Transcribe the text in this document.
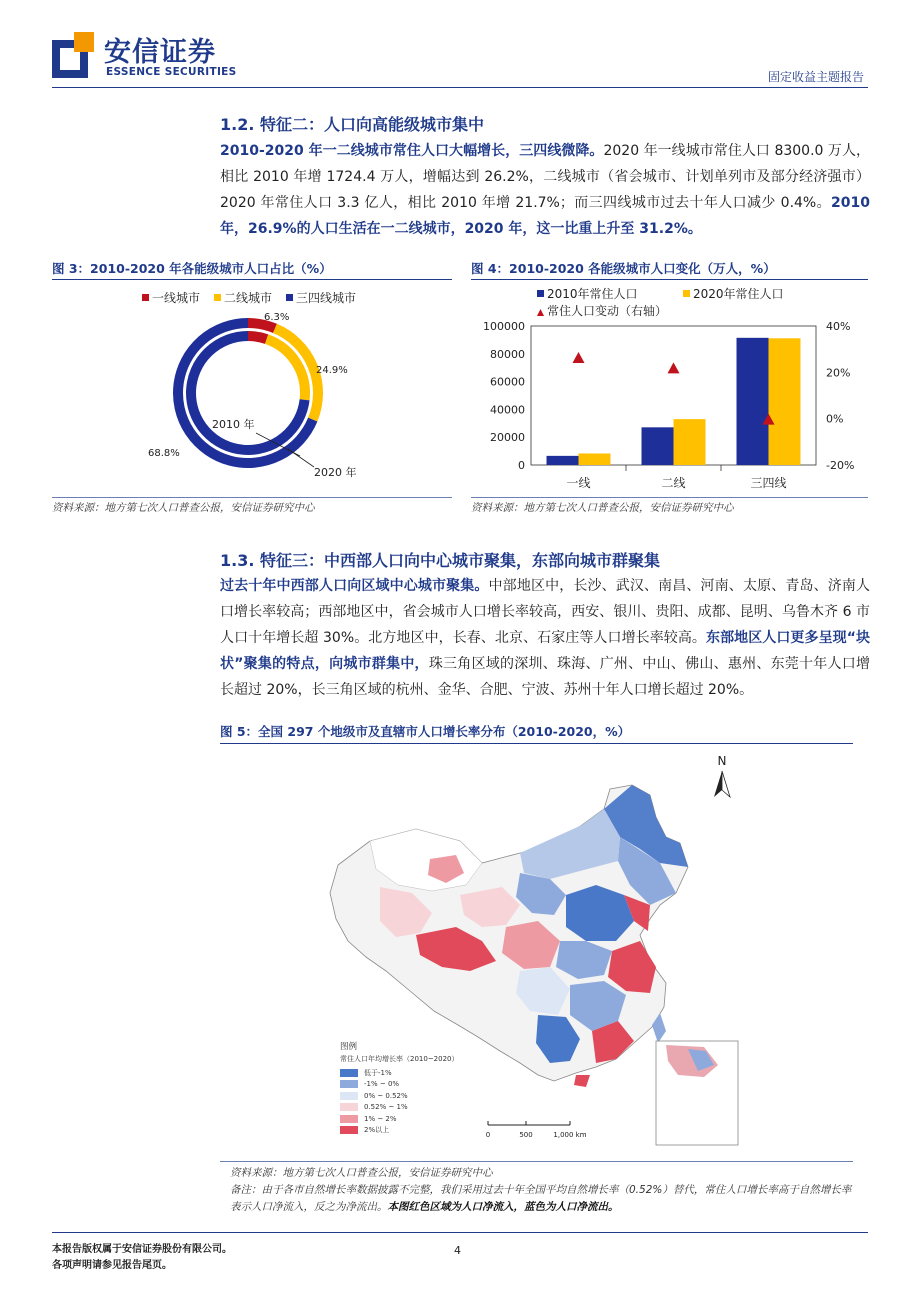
安信证券
ESSENCE SECURITIES	固定收益主题报告
1.2. 特征二：人口向高能级城市集中
2010-2020 年一二线城市常住人口大幅增长，三四线微降。2020 年一线城市常住人口 8300.0 万人，相比 2010 年增 1724.4 万人，增幅达到 26.2%，二线城市（省会城市、计划单列市及部分经济强市）2020 年常住人口 3.3 亿人，相比 2010 年增 21.7%；而三四线城市过去十年人口减少 0.4%。2010 年，26.9%的人口生活在一二线城市，2020 年，这一比重上升至 31.2%。
图 3：2010-2020 年各能级城市人口占比（%）
一线城市 二线城市 三四线城市
6.3%
24.9%
68.8%
2010 年
2020 年
资料来源：地方第七次人口普查公报，安信证券研究中心
图 4：2010-2020 各能级城市人口变化（万人，%）
2010年常住人口	2020年常住人口
常住人口变动（右轴）
0
20000
40000
60000
80000
100000
-20%
0%
20%
40%
一线	二线	三四线
资料来源：地方第七次人口普查公报，安信证券研究中心
1.3. 特征三：中西部人口向中心城市聚集，东部向城市群聚集
过去十年中西部人口向区域中心城市聚集。中部地区中，长沙、武汉、南昌、河南、太原、青岛、济南人口增长率较高；西部地区中，省会城市人口增长率较高，西安、银川、贵阳、成都、昆明、乌鲁木齐 6 市人口十年增长超 30%。北方地区中，长春、北京、石家庄等人口增长率较高。东部地区人口更多呈现“块状”聚集的特点，向城市群集中，珠三角区域的深圳、珠海、广州、中山、佛山、惠州、东莞十年人口增长超过 20%，长三角区域的杭州、金华、合肥、宁波、苏州十年人口增长超过 20%。
图 5：全国 297 个地级市及直辖市人口增长率分布（2010-2020，%）
N
0	500	1,000 km
图例
常住人口年均增长率（2010~2020）
低于-1%
-1% ~ 0%
0% ~ 0.52%
0.52% ~ 1%
1% ~ 2%
2%以上
资料来源：地方第七次人口普查公报，安信证券研究中心
备注：由于各市自然增长率数据披露不完整，我们采用过去十年全国平均自然增长率（0.52%）替代，常住人口增长率高于自然增长率表示人口净流入，反之为净流出。本图红色区域为人口净流入，蓝色为人口净流出。
本报告版权属于安信证券股份有限公司。
各项声明请参见报告尾页。
4
